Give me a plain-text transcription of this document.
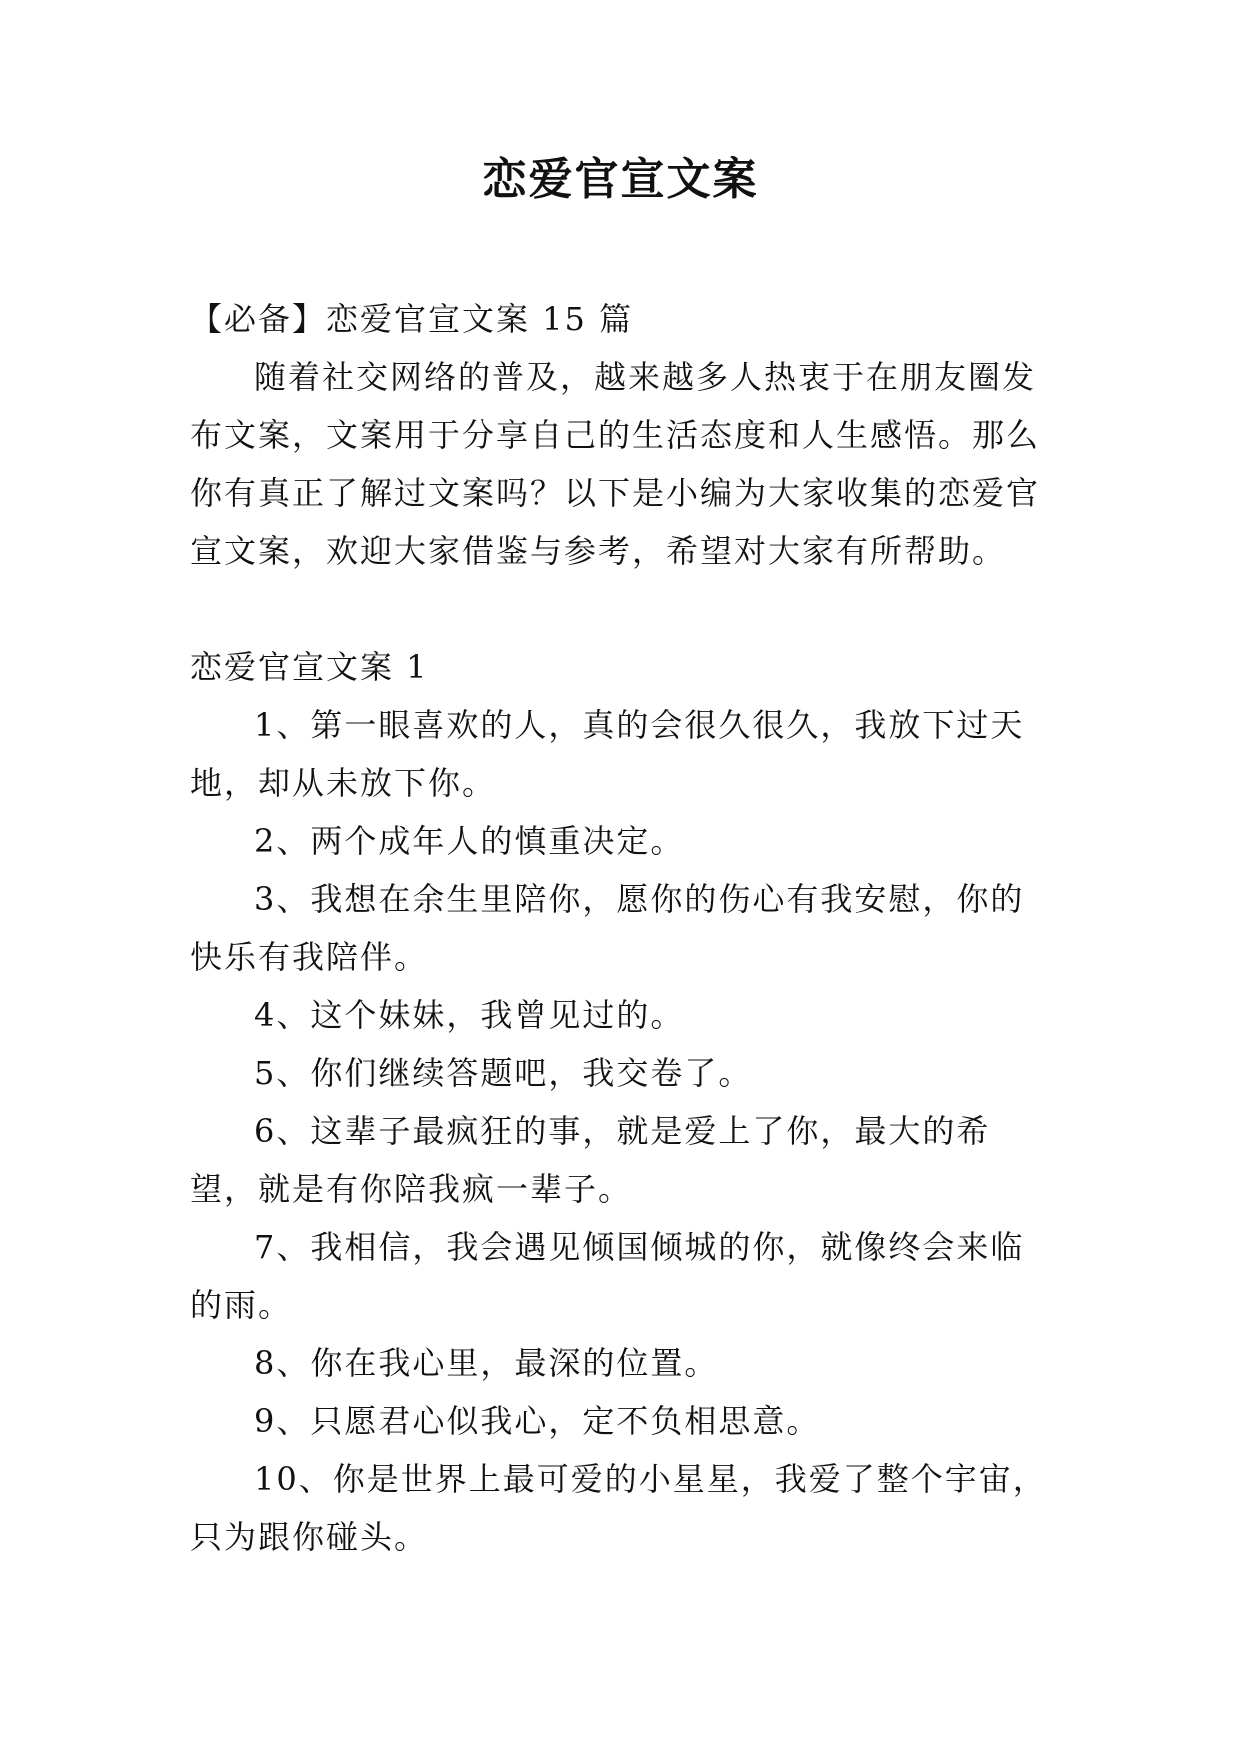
恋爱官宣文案

【必备】恋爱官宣文案 15 篇

随着社交网络的普及，越来越多人热衷于在朋友圈发布文案，文案用于分享自己的生活态度和人生感悟。那么你有真正了解过文案吗？以下是小编为大家收集的恋爱官宣文案，欢迎大家借鉴与参考，希望对大家有所帮助。

恋爱官宣文案 1

1、第一眼喜欢的人，真的会很久很久，我放下过天地，却从未放下你。

2、两个成年人的慎重决定。

3、我想在余生里陪你，愿你的伤心有我安慰，你的快乐有我陪伴。

4、这个妹妹，我曾见过的。

5、你们继续答题吧，我交卷了。

6、这辈子最疯狂的事，就是爱上了你，最大的希望，就是有你陪我疯一辈子。

7、我相信，我会遇见倾国倾城的你，就像终会来临的雨。

8、你在我心里，最深的位置。

9、只愿君心似我心，定不负相思意。

10、你是世界上最可爱的小星星，我爱了整个宇宙，只为跟你碰头。
